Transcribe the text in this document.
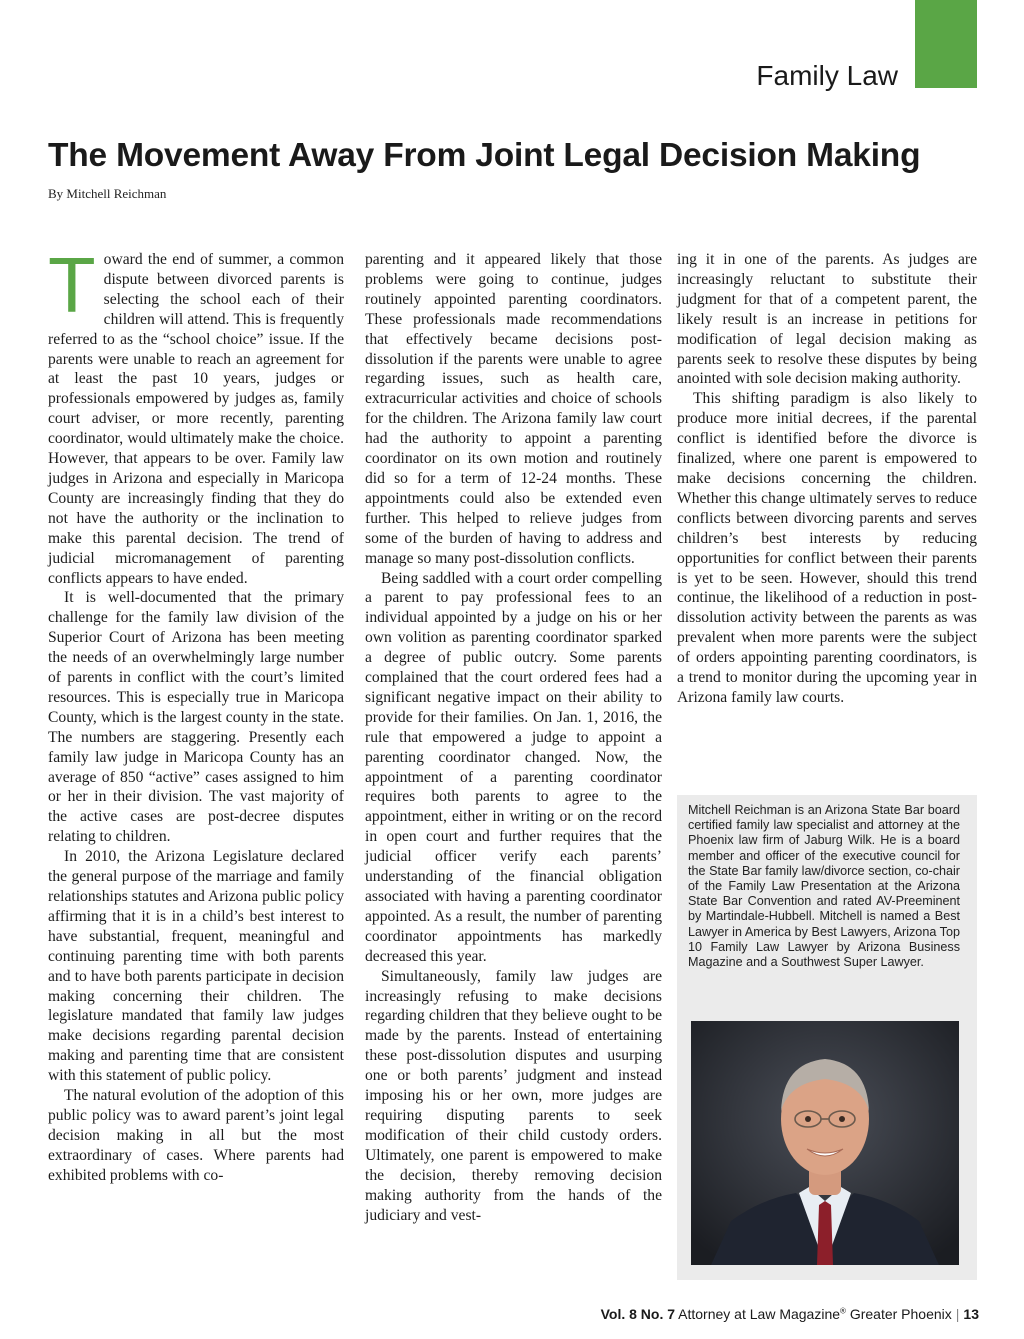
Family Law
The Movement Away From Joint Legal Decision Making
By Mitchell Reichman

Toward the end of summer, a common dispute between divorced parents is selecting the school each of their children will attend. This is frequently referred to as the “school choice” issue. If the parents were unable to reach an agreement for at least the past 10 years, judges or professionals empowered by judges as, family court adviser, or more recently, parenting coordinator, would ultimately make the choice. However, that appears to be over. Family law judges in Arizona and especially in Maricopa County are increasingly finding that they do not have the authority or the inclination to make this parental decision. The trend of judicial micromanagement of parenting conflicts appears to have ended.

It is well-documented that the primary challenge for the family law division of the Superior Court of Arizona has been meeting the needs of an overwhelmingly large number of parents in conflict with the court’s limited resources. This is especially true in Maricopa County, which is the largest county in the state. The numbers are staggering. Presently each family law judge in Maricopa County has an average of 850 “active” cases assigned to him or her in their division. The vast majority of the active cases are post-decree disputes relating to children.

In 2010, the Arizona Legislature declared the general purpose of the marriage and family relationships statutes and Arizona public policy affirming that it is in a child’s best interest to have substantial, frequent, meaningful and continuing parenting time with both parents and to have both parents participate in decision making concerning their children. The legislature mandated that family law judges make decisions regarding parental decision making and parenting time that are consistent with this statement of public policy.

The natural evolution of the adoption of this public policy was to award parent’s joint legal decision making in all but the most extraordinary of cases. Where parents had exhibited problems with co-

parenting and it appeared likely that those problems were going to continue, judges routinely appointed parenting coordinators. These professionals made recommendations that effectively became decisions post-dissolution if the parents were unable to agree regarding issues, such as health care, extracurricular activities and choice of schools for the children. The Arizona family law court had the authority to appoint a parenting coordinator on its own motion and routinely did so for a term of 12-24 months. These appointments could also be extended even further. This helped to relieve judges from some of the burden of having to address and manage so many post-dissolution conflicts.

Being saddled with a court order compelling a parent to pay professional fees to an individual appointed by a judge on his or her own volition as parenting coordinator sparked a degree of public outcry. Some parents complained that the court ordered fees had a significant negative impact on their ability to provide for their families. On Jan. 1, 2016, the rule that empowered a judge to appoint a parenting coordinator changed. Now, the appointment of a parenting coordinator requires both parents to agree to the appointment, either in writing or on the record in open court and further requires that the judicial officer verify each parents’ understanding of the financial obligation associated with having a parenting coordinator appointed. As a result, the number of parenting coordinator appointments has markedly decreased this year.

Simultaneously, family law judges are increasingly refusing to make decisions regarding children that they believe ought to be made by the parents. Instead of entertaining these post-dissolution disputes and usurping one or both parents’ judgment and instead imposing his or her own, more judges are requiring disputing parents to seek modification of their child custody orders. Ultimately, one parent is empowered to make the decision, thereby removing decision making authority from the hands of the judiciary and vest-

ing it in one of the parents. As judges are increasingly reluctant to substitute their judgment for that of a competent parent, the likely result is an increase in petitions for modification of legal decision making as parents seek to resolve these disputes by being anointed with sole decision making authority.

This shifting paradigm is also likely to produce more initial decrees, if the parental conflict is identified before the divorce is finalized, where one parent is empowered to make decisions concerning the children. Whether this change ultimately serves to reduce conflicts between divorcing parents and serves children’s best interests by reducing opportunities for conflict between their parents is yet to be seen. However, should this trend continue, the likelihood of a reduction in post-dissolution activity between the parents as was prevalent when more parents were the subject of orders appointing parenting coordinators, is a trend to monitor during the upcoming year in Arizona family law courts.

Mitchell Reichman is an Arizona State Bar board certified family law specialist and attorney at the Phoenix law firm of Jaburg Wilk. He is a board member and officer of the executive council for the State Bar family law/divorce section, co-chair of the Family Law Presentation at the Arizona State Bar Convention and rated AV-Preeminent by Martindale-Hubbell. Mitchell is named a Best Lawyer in America by Best Lawyers, Arizona Top 10 Family Law Lawyer by Arizona Business Magazine and a Southwest Super Lawyer.
Vol. 8 No. 7 Attorney at Law Magazine® Greater Phoenix | 13
